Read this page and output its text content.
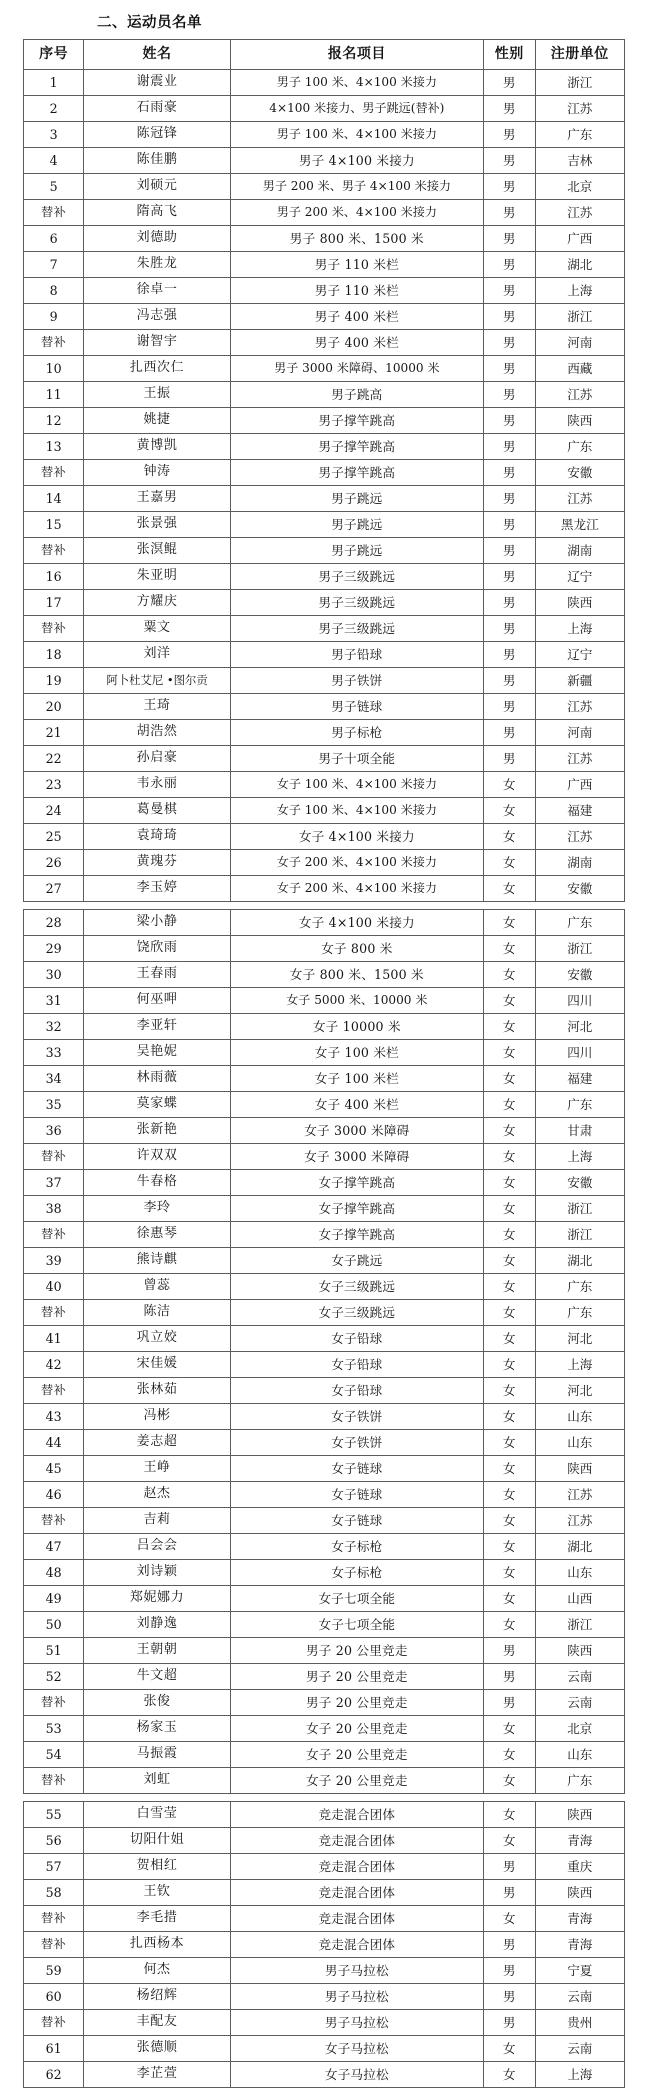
二、运动员名单
序号	姓名	报名项目	性别	注册单位
1	谢震业	男子 100 米、4×100 米接力	男	浙江
2	石雨豪	4×100 米接力、男子跳远(替补)	男	江苏
3	陈冠锋	男子 100 米、4×100 米接力	男	广东
4	陈佳鹏	男子 4×100 米接力	男	吉林
5	刘硕元	男子 200 米、男子 4×100 米接力	男	北京
替补	隋高飞	男子 200 米、4×100 米接力	男	江苏
6	刘德助	男子 800 米、1500 米	男	广西
7	朱胜龙	男子 110 米栏	男	湖北
8	徐卓一	男子 110 米栏	男	上海
9	冯志强	男子 400 米栏	男	浙江
替补	谢智宇	男子 400 米栏	男	河南
10	扎西次仁	男子 3000 米障碍、10000 米	男	西藏
11	王振	男子跳高	男	江苏
12	姚捷	男子撑竿跳高	男	陕西
13	黄博凯	男子撑竿跳高	男	广东
替补	钟涛	男子撑竿跳高	男	安徽
14	王嘉男	男子跳远	男	江苏
15	张景强	男子跳远	男	黑龙江
替补	张溟鲲	男子跳远	男	湖南
16	朱亚明	男子三级跳远	男	辽宁
17	方耀庆	男子三级跳远	男	陕西
替补	粟文	男子三级跳远	男	上海
18	刘洋	男子铅球	男	辽宁
19	阿卜杜艾尼 •图尔贡	男子铁饼	男	新疆
20	王琦	男子链球	男	江苏
21	胡浩然	男子标枪	男	河南
22	孙启豪	男子十项全能	男	江苏
23	韦永丽	女子 100 米、4×100 米接力	女	广西
24	葛曼棋	女子 100 米、4×100 米接力	女	福建
25	袁琦琦	女子 4×100 米接力	女	江苏
26	黄瑰芬	女子 200 米、4×100 米接力	女	湖南
27	李玉婷	女子 200 米、4×100 米接力	女	安徽
28	梁小静	女子 4×100 米接力	女	广东
29	饶欣雨	女子 800 米	女	浙江
30	王春雨	女子 800 米、1500 米	女	安徽
31	何巫呷	女子 5000 米、10000 米	女	四川
32	李亚轩	女子 10000 米	女	河北
33	吴艳妮	女子 100 米栏	女	四川
34	林雨薇	女子 100 米栏	女	福建
35	莫家蝶	女子 400 米栏	女	广东
36	张新艳	女子 3000 米障碍	女	甘肃
替补	许双双	女子 3000 米障碍	女	上海
37	牛春格	女子撑竿跳高	女	安徽
38	李玲	女子撑竿跳高	女	浙江
替补	徐惠琴	女子撑竿跳高	女	浙江
39	熊诗麒	女子跳远	女	湖北
40	曾蕊	女子三级跳远	女	广东
替补	陈洁	女子三级跳远	女	广东
41	巩立姣	女子铅球	女	河北
42	宋佳媛	女子铅球	女	上海
替补	张林茹	女子铅球	女	河北
43	冯彬	女子铁饼	女	山东
44	姜志超	女子铁饼	女	山东
45	王峥	女子链球	女	陕西
46	赵杰	女子链球	女	江苏
替补	吉莉	女子链球	女	江苏
47	吕会会	女子标枪	女	湖北
48	刘诗颖	女子标枪	女	山东
49	郑妮娜力	女子七项全能	女	山西
50	刘静逸	女子七项全能	女	浙江
51	王朝朝	男子 20 公里竞走	男	陕西
52	牛文超	男子 20 公里竞走	男	云南
替补	张俊	男子 20 公里竞走	男	云南
53	杨家玉	女子 20 公里竞走	女	北京
54	马振霞	女子 20 公里竞走	女	山东
替补	刘虹	女子 20 公里竞走	女	广东
55	白雪莹	竞走混合团体	女	陕西
56	切阳什姐	竞走混合团体	女	青海
57	贺相红	竞走混合团体	男	重庆
58	王钦	竞走混合团体	男	陕西
替补	李毛措	竞走混合团体	女	青海
替补	扎西杨本	竞走混合团体	男	青海
59	何杰	男子马拉松	男	宁夏
60	杨绍辉	男子马拉松	男	云南
替补	丰配友	男子马拉松	男	贵州
61	张德顺	女子马拉松	女	云南
62	李芷萱	女子马拉松	女	上海
